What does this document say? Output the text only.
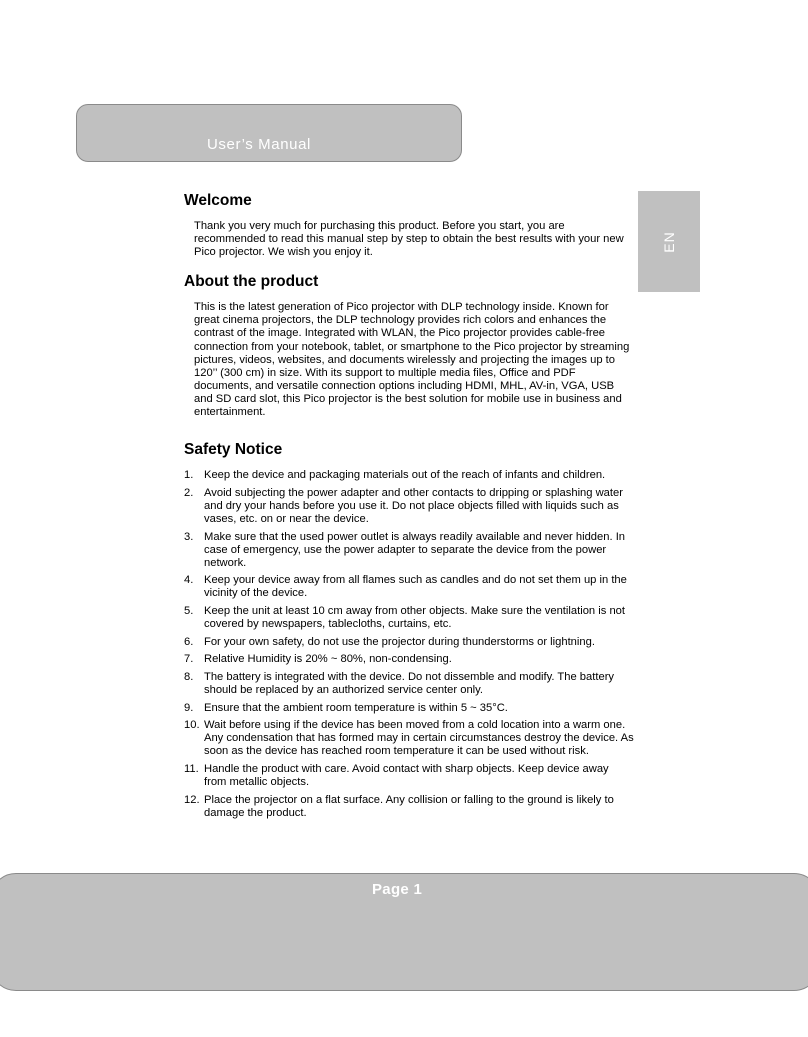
User’s Manual
EN
Welcome

Thank you very much for purchasing this product. Before you start, you are recommended to read this manual step by step to obtain the best results with your new Pico projector. We wish you enjoy it.

About the product

This is the latest generation of Pico projector with DLP technology inside. Known for great cinema projectors, the DLP technology provides rich colors and enhances the contrast of the image. Integrated with WLAN, the Pico projector provides cable-free connection from your notebook, tablet, or smartphone to the Pico projector by streaming pictures, videos, websites, and documents wirelessly and projecting the images up to 120’’ (300 cm) in size. With its support to multiple media files, Office and PDF documents, and versatile connection options including HDMI, MHL, AV-in, VGA, USB and SD card slot, this Pico projector is the best solution for mobile use in business and entertainment.

Safety Notice
1. Keep the device and packaging materials out of the reach of infants and children.
2. Avoid subjecting the power adapter and other contacts to dripping or splashing water and dry your hands before you use it. Do not place objects filled with liquids such as vases, etc. on or near the device.
3. Make sure that the used power outlet is always readily available and never hidden. In case of emergency, use the power adapter to separate the device from the power network.
4. Keep your device away from all flames such as candles and do not set them up in the vicinity of the device.
5. Keep the unit at least 10 cm away from other objects. Make sure the ventilation is not covered by newspapers, tablecloths, curtains, etc.
6. For your own safety, do not use the projector during thunderstorms or lightning.
7. Relative Humidity is 20% ~ 80%, non-condensing.
8. The battery is integrated with the device. Do not dissemble and modify. The battery should be replaced by an authorized service center only.
9. Ensure that the ambient room temperature is within 5 ~ 35°C.
10. Wait before using if the device has been moved from a cold location into a warm one. Any condensation that has formed may in certain circumstances destroy the device. As soon as the device has reached room temperature it can be used without risk.
11. Handle the product with care. Avoid contact with sharp objects. Keep device away from metallic objects.
12. Place the projector on a flat surface. Any collision or falling to the ground is likely to damage the product.
Page 1
